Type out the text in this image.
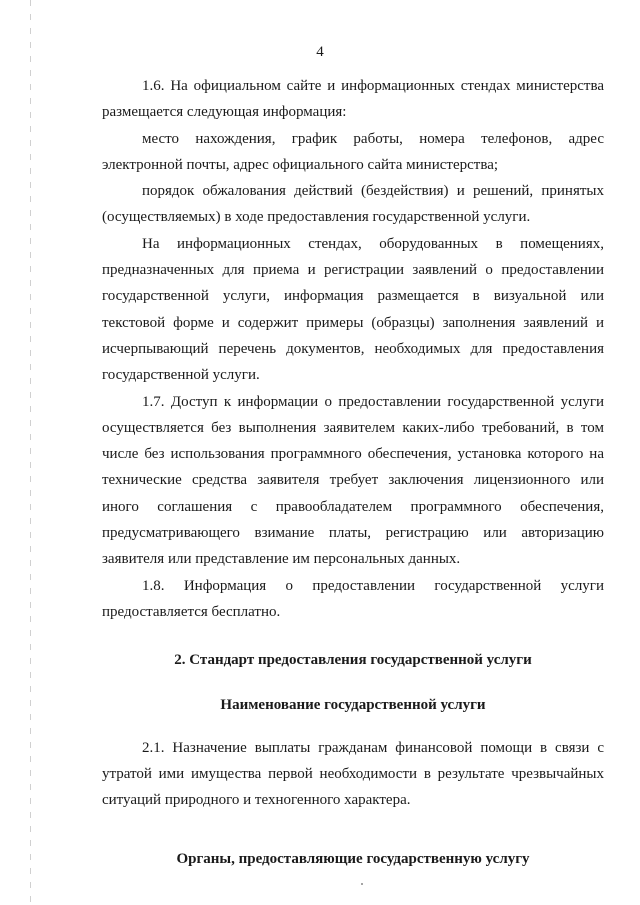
4

1.6. На официальном сайте и информационных стендах министерства размещается следующая информация:

место нахождения, график работы, номера телефонов, адрес электронной почты, адрес официального сайта министерства;

порядок обжалования действий (бездействия) и решений, принятых (осуществляемых) в ходе предоставления государственной услуги.

На информационных стендах, оборудованных в помещениях, предназначенных для приема и регистрации заявлений о предоставлении государственной услуги, информация размещается в визуальной или текстовой форме и содержит примеры (образцы) заполнения заявлений и исчерпывающий перечень документов, необходимых для предоставления государственной услуги.

1.7. Доступ к информации о предоставлении государственной услуги осуществляется без выполнения заявителем каких-либо требований, в том числе без использования программного обеспечения, установка которого на технические средства заявителя требует заключения лицензионного или иного соглашения с правообладателем программного обеспечения, предусматривающего взимание платы, регистрацию или авторизацию заявителя или представление им персональных данных.

1.8. Информация о предоставлении государственной услуги предоставляется бесплатно.

2. Стандарт предоставления государственной услуги

Наименование государственной услуги

2.1. Назначение выплаты гражданам финансовой помощи в связи с утратой ими имущества первой необходимости в результате чрезвычайных ситуаций природного и техногенного характера.

Органы, предоставляющие государственную услугу
